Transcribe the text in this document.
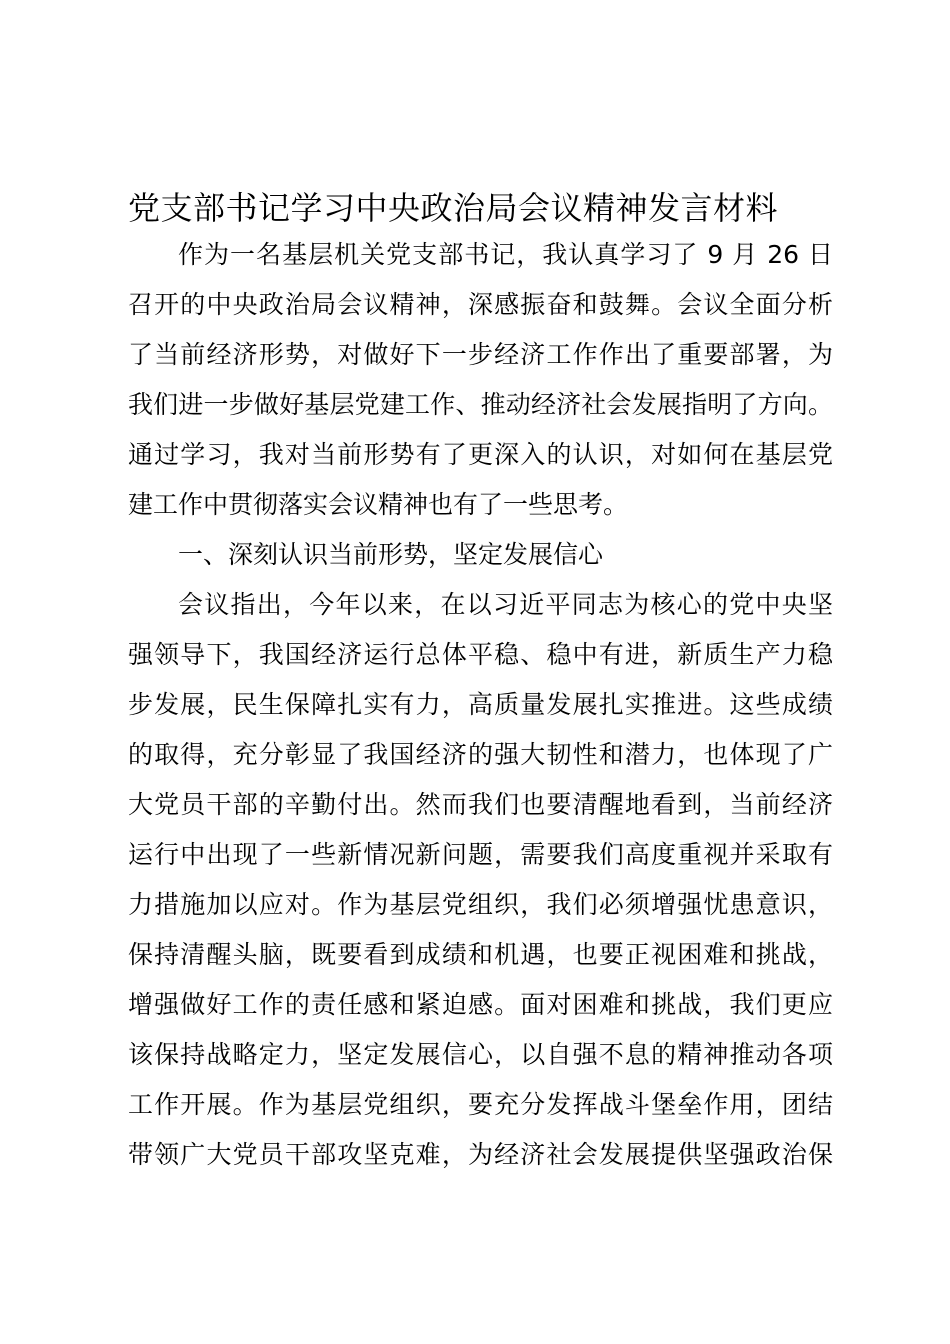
党支部书记学习中央政治局会议精神发言材料
作为一名基层机关党支部书记，我认真学习了 9 月 26 日
召开的中央政治局会议精神，深感振奋和鼓舞。会议全面分析
了当前经济形势，对做好下一步经济工作作出了重要部署，为
我们进一步做好基层党建工作、推动经济社会发展指明了方向。
通过学习，我对当前形势有了更深入的认识，对如何在基层党
建工作中贯彻落实会议精神也有了一些思考。
一、深刻认识当前形势，坚定发展信心
会议指出，今年以来，在以习近平同志为核心的党中央坚
强领导下，我国经济运行总体平稳、稳中有进，新质生产力稳
步发展，民生保障扎实有力，高质量发展扎实推进。这些成绩
的取得，充分彰显了我国经济的强大韧性和潜力，也体现了广
大党员干部的辛勤付出。然而我们也要清醒地看到，当前经济
运行中出现了一些新情况新问题，需要我们高度重视并采取有
力措施加以应对。作为基层党组织，我们必须增强忧患意识，
保持清醒头脑，既要看到成绩和机遇，也要正视困难和挑战，
增强做好工作的责任感和紧迫感。面对困难和挑战，我们更应
该保持战略定力，坚定发展信心，以自强不息的精神推动各项
工作开展。作为基层党组织，要充分发挥战斗堡垒作用，团结
带领广大党员干部攻坚克难，为经济社会发展提供坚强政治保
